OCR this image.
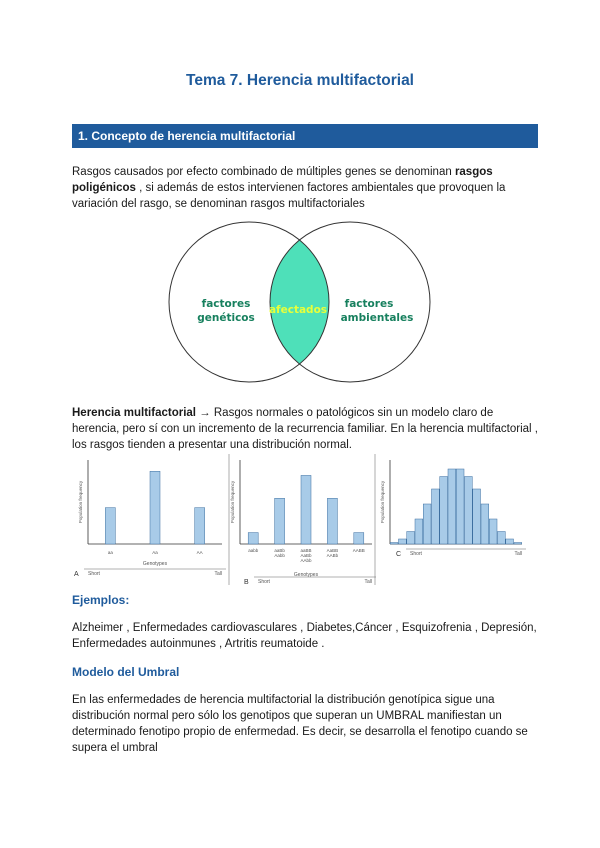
Tema 7. Herencia multifactorial
1. Concepto de herencia multifactorial

Rasgos causados por efecto combinado de múltiples genes se denominan rasgos poligénicos , si además de estos intervienen factores ambientales que provoquen la variación del rasgo, se denominan rasgos multifactoriales

factores
genéticos
afectados factores
ambientales

Herencia multifactorial → Rasgos normales o patológicos sin un modelo claro de herencia, pero sí con un incremento de la recurrencia familiar. En la herencia multifactorial , los rasgos tienden a presentar una distribución normal.

Population frequency
aa	Aa	AA
Genotypes
Short	Tall
A
Population frequency
aabb	aaBb
Aabb
aaBB
AaBb
AAbb
AaBB
AABb
AABB
Genotypes
Short	Tall
B
Population frequency
Short	Tall
C
Ejemplos:

Alzheimer , Enfermedades cardiovasculares , Diabetes,Cáncer , Esquizofrenia , Depresión, Enfermedades autoinmunes , Artritis reumatoide .

Modelo del Umbral

En las enfermedades de herencia multifactorial la distribución genotípica sigue una distribución normal pero sólo los genotipos que superan un UMBRAL manifiestan un determinado fenotipo propio de enfermedad. Es decir, se desarrolla el fenotipo cuando se supera el umbral
